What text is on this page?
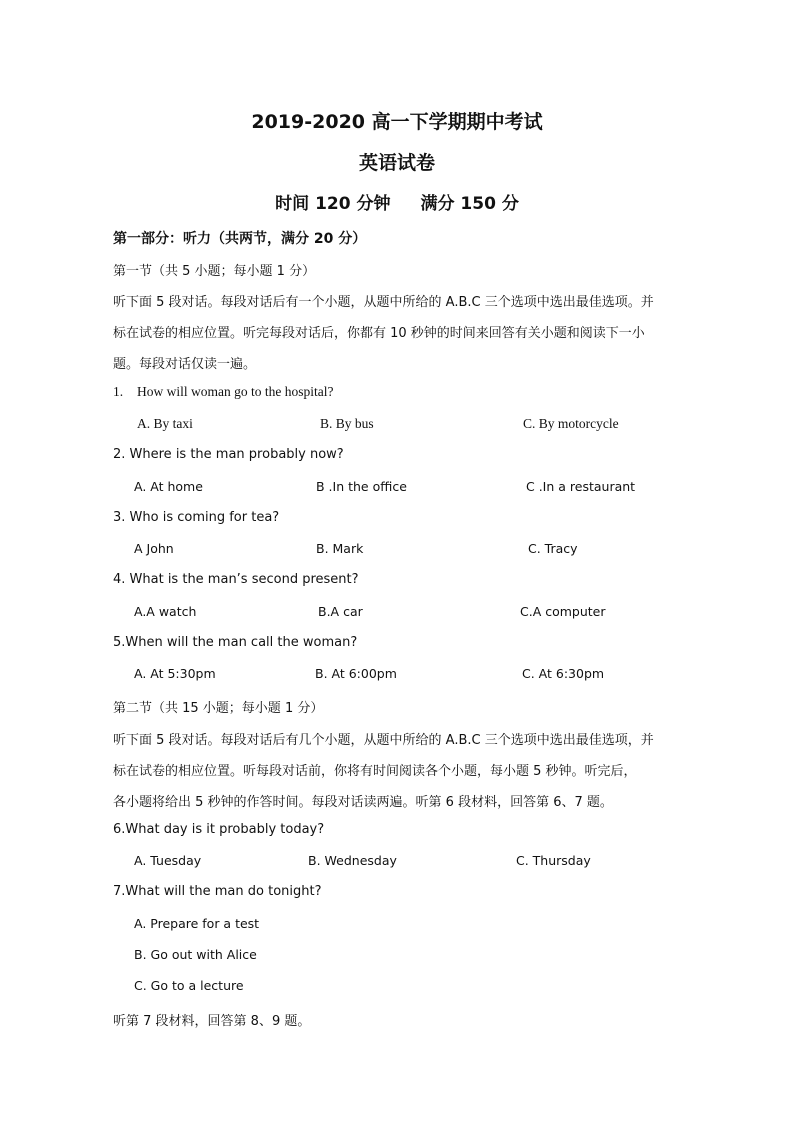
2019-2020 高一下学期期中考试
英语试卷
时间 120 分钟 满分 150 分
第一部分：听力（共两节，满分 20 分）
第一节（共 5 小题；每小题 1 分）
听下面 5 段对话。每段对话后有一个小题，从题中所给的 A.B.C 三个选项中选出最佳选项。并
标在试卷的相应位置。听完每段对话后，你都有 10 秒钟的时间来回答有关小题和阅读下一小
题。每段对话仅读一遍。
1. How will woman go to the hospital?
A. By taxi	B. By bus	C. By motorcycle
2. Where is the man probably now?
A. At home	B .In the office	C .In a restaurant
3. Who is coming for tea?
A John	B. Mark	C. Tracy
4. What is the man’s second present?
A.A watch	B.A car	C.A computer
5.When will the man call the woman?
A. At 5:30pm	B. At 6:00pm	C. At 6:30pm
第二节（共 15 小题；每小题 1 分）
听下面 5 段对话。每段对话后有几个小题，从题中所给的 A.B.C 三个选项中选出最佳选项，并
标在试卷的相应位置。听每段对话前，你将有时间阅读各个小题，每小题 5 秒钟。听完后，
各小题将给出 5 秒钟的作答时间。每段对话读两遍。听第 6 段材料，回答第 6、7 题。
6.What day is it probably today?
A. Tuesday	B. Wednesday	C. Thursday
7.What will the man do tonight?
A. Prepare for a test
B. Go out with Alice
C. Go to a lecture
听第 7 段材料，回答第 8、9 题。
